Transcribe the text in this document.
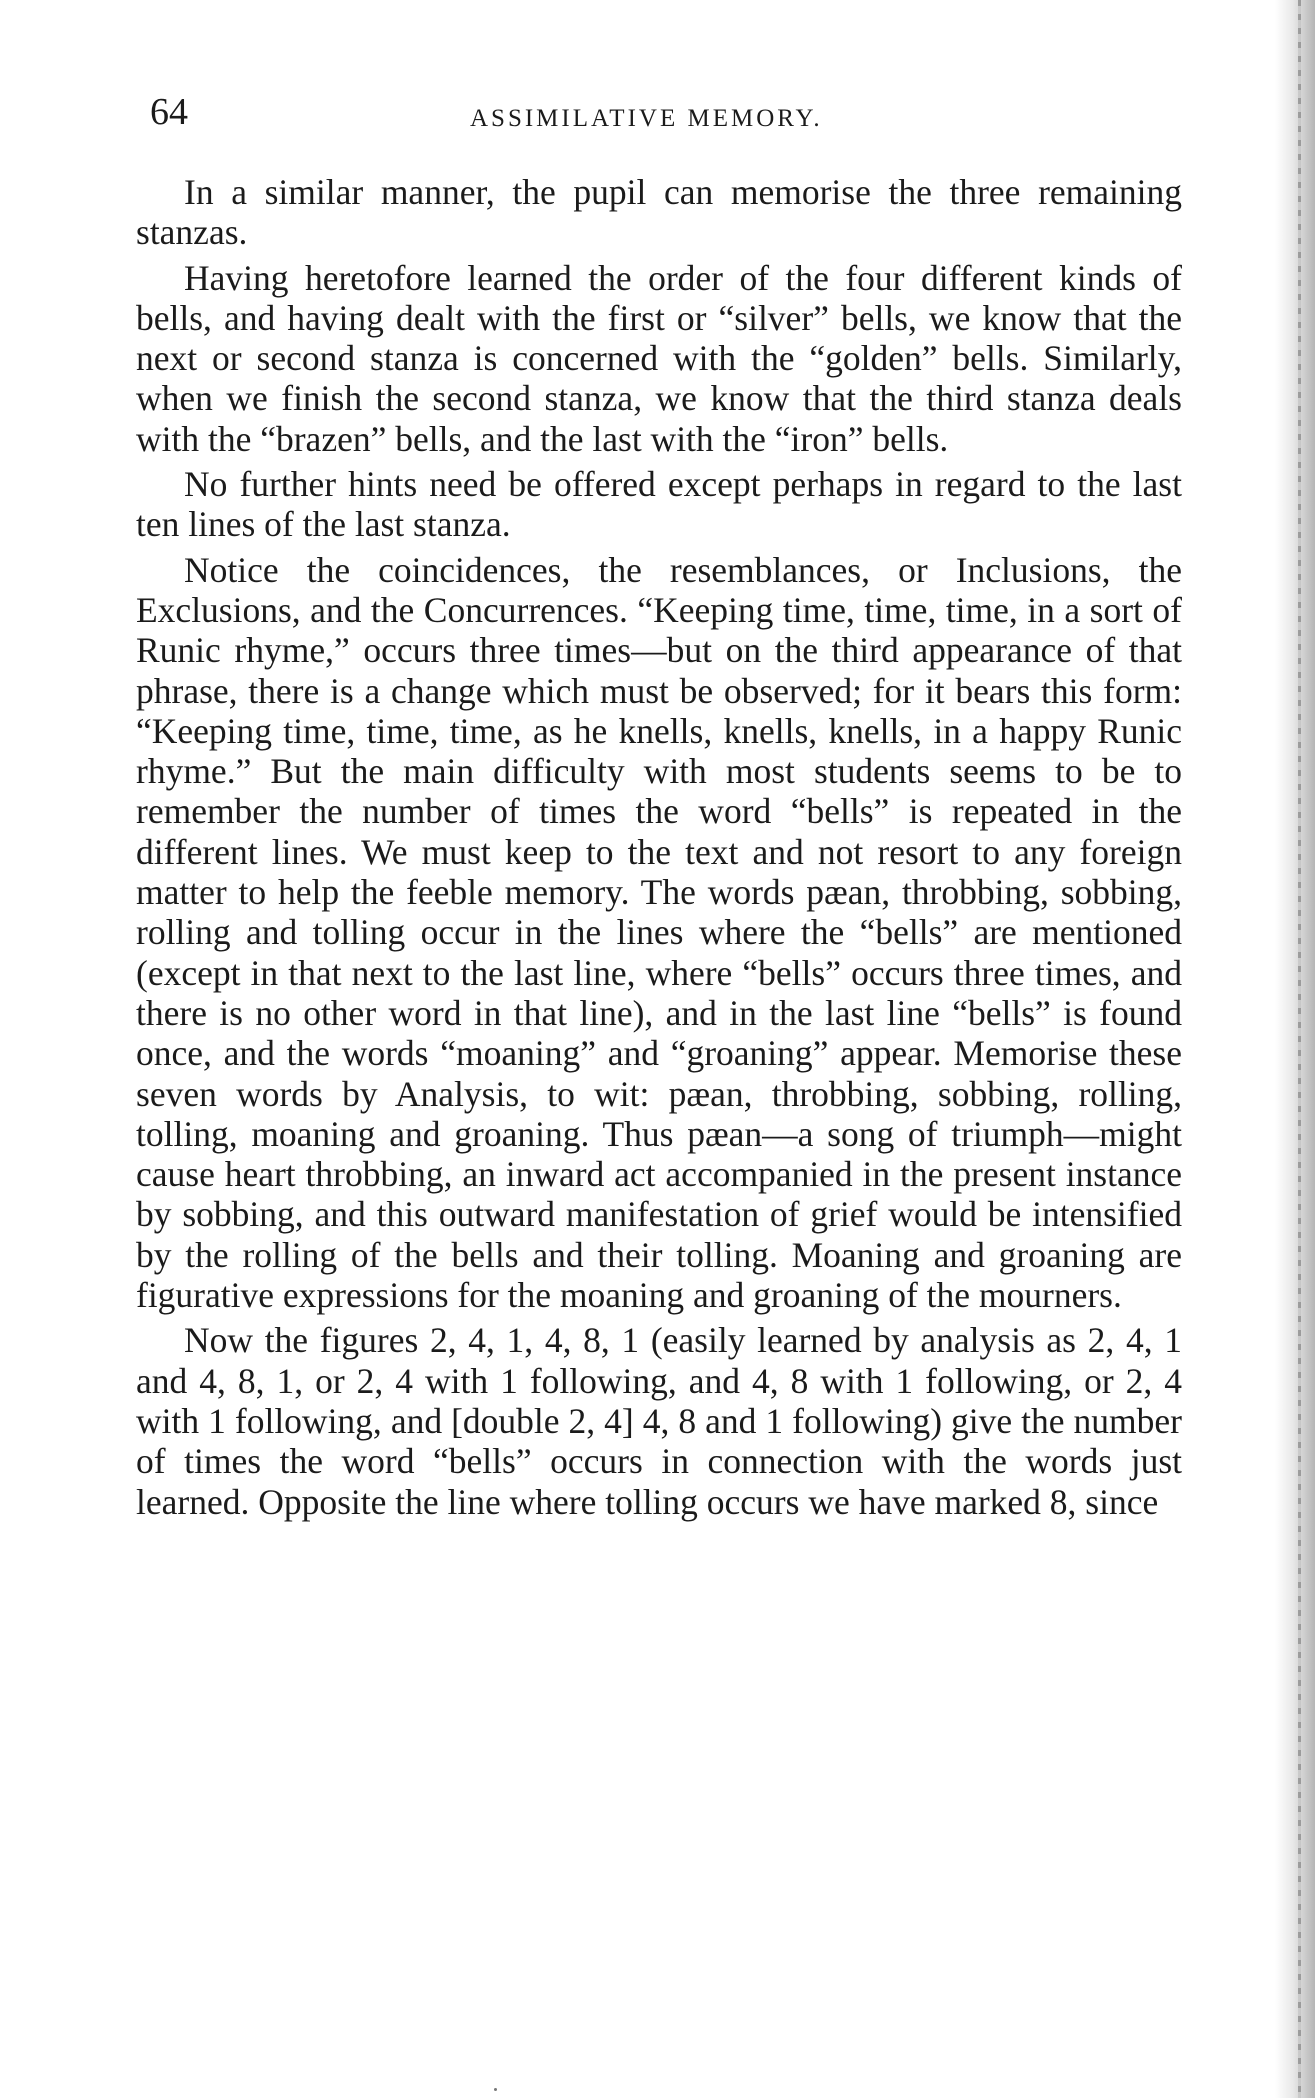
64	ASSIMILATIVE MEMORY.

In a similar manner, the pupil can memorise the three remaining stanzas.

Having heretofore learned the order of the four different kinds of bells, and having dealt with the first or “silver” bells, we know that the next or second stanza is concerned with the “golden” bells. Similarly, when we finish the second stanza, we know that the third stanza deals with the “brazen” bells, and the last with the “iron” bells.

No further hints need be offered except perhaps in regard to the last ten lines of the last stanza.

Notice the coincidences, the resemblances, or Inclusions, the Exclusions, and the Concurrences. “Keeping time, time, time, in a sort of Runic rhyme,” occurs three times—but on the third appearance of that phrase, there is a change which must be observed; for it bears this form: “Keeping time, time, time, as he knells, knells, knells, in a happy Runic rhyme.” But the main difficulty with most students seems to be to remember the number of times the word “bells” is repeated in the different lines. We must keep to the text and not resort to any foreign matter to help the feeble memory. The words pæan, throbbing, sobbing, rolling and tolling occur in the lines where the “bells” are mentioned (except in that next to the last line, where “bells” occurs three times, and there is no other word in that line), and in the last line “bells” is found once, and the words “moaning” and “groaning” appear. Memorise these seven words by Analysis, to wit: pæan, throbbing, sobbing, rolling, tolling, moaning and groaning. Thus pæan—a song of triumph—might cause heart throbbing, an inward act accompanied in the present instance by sobbing, and this outward manifestation of grief would be intensified by the rolling of the bells and their tolling. Moaning and groaning are figurative expressions for the moaning and groaning of the mourners.

Now the figures 2, 4, 1, 4, 8, 1 (easily learned by analysis as 2, 4, 1 and 4, 8, 1, or 2, 4 with 1 following, and 4, 8 with 1 following, or 2, 4 with 1 following, and [double 2, 4] 4, 8 and 1 following) give the number of times the word “bells” occurs in connection with the words just learned. Opposite the line where tolling occurs we have marked 8, since
